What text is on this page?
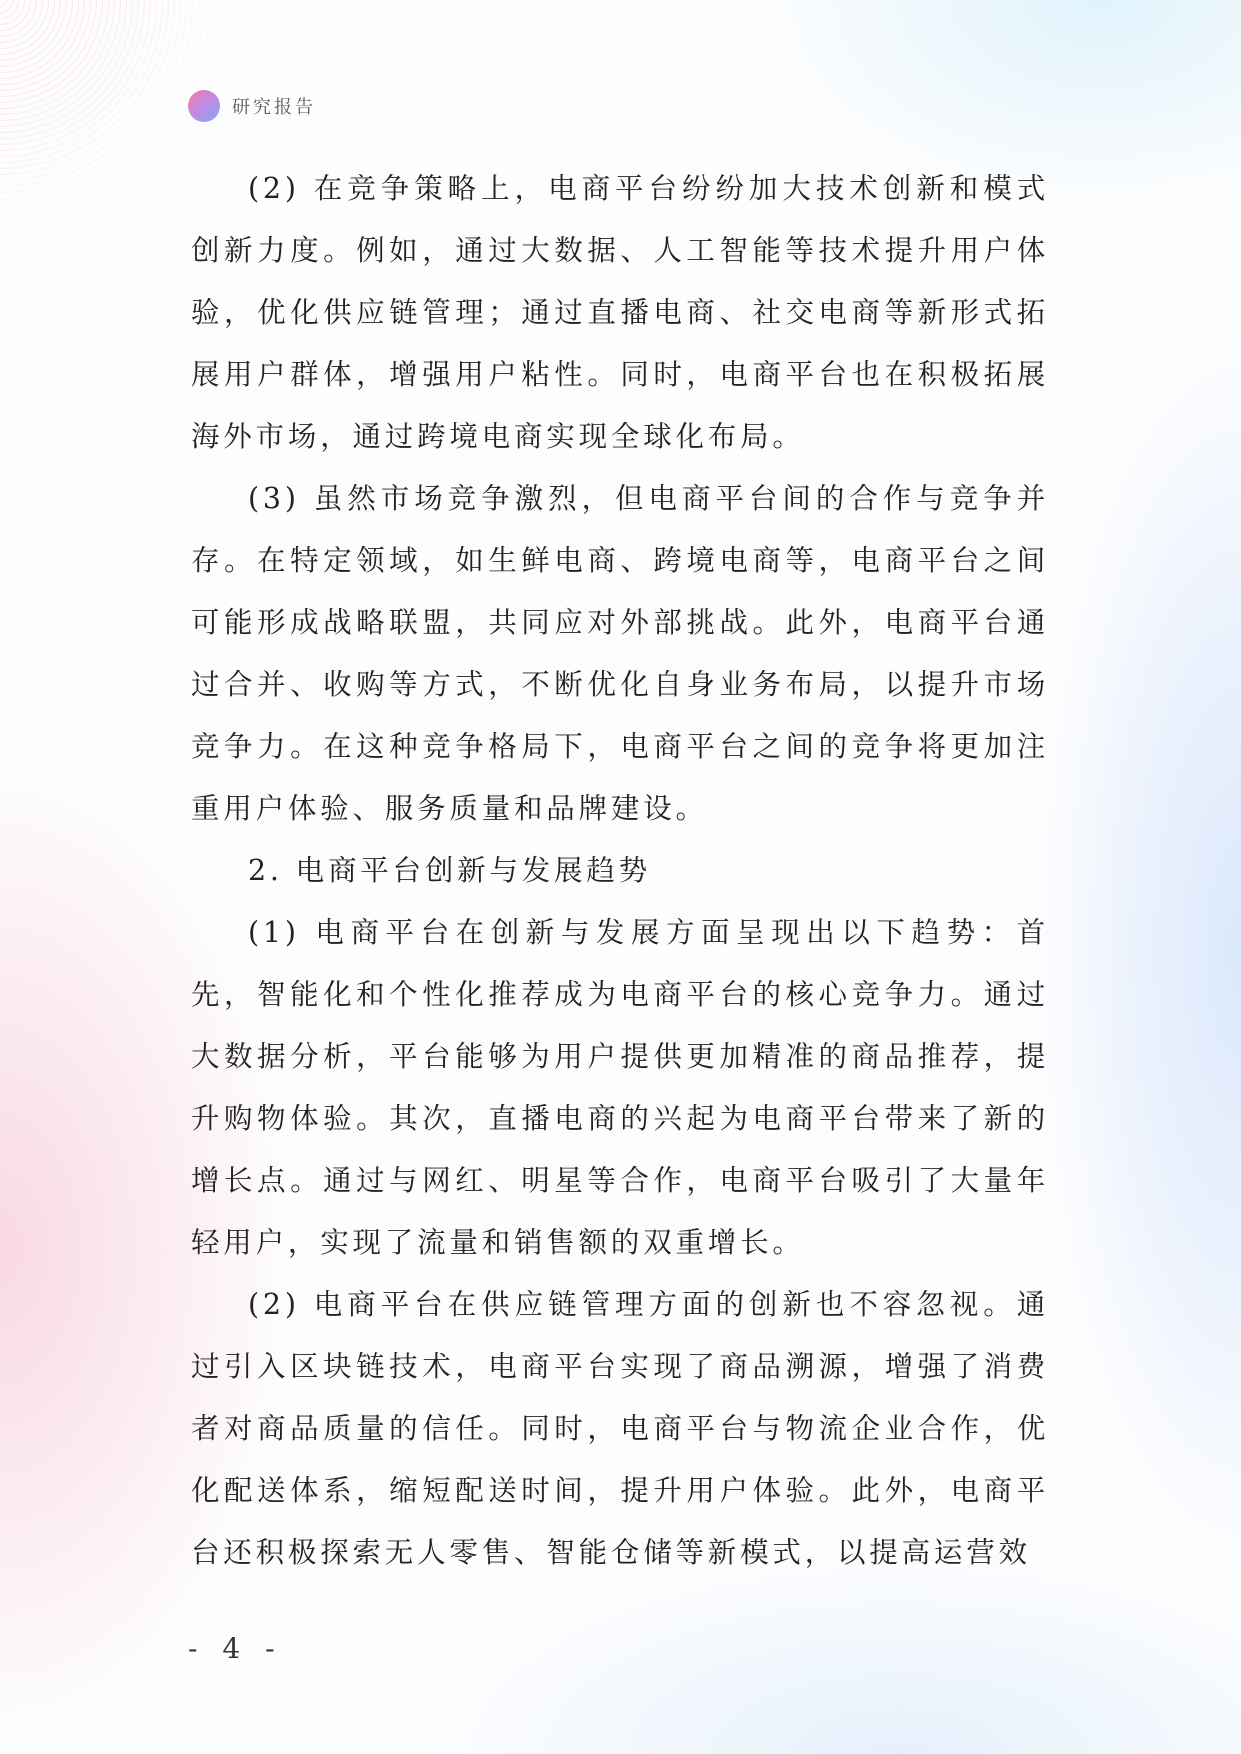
研究报告

(2) 在竞争策略上，电商平台纷纷加大技术创新和模式创新力度。例如，通过大数据、人工智能等技术提升用户体验，优化供应链管理；通过直播电商、社交电商等新形式拓展用户群体，增强用户粘性。同时，电商平台也在积极拓展海外市场，通过跨境电商实现全球化布局。

(3) 虽然市场竞争激烈，但电商平台间的合作与竞争并存。在特定领域，如生鲜电商、跨境电商等，电商平台之间可能形成战略联盟，共同应对外部挑战。此外，电商平台通过合并、收购等方式，不断优化自身业务布局，以提升市场竞争力。在这种竞争格局下，电商平台之间的竞争将更加注重用户体验、服务质量和品牌建设。

2. 电商平台创新与发展趋势

(1) 电商平台在创新与发展方面呈现出以下趋势：首先，智能化和个性化推荐成为电商平台的核心竞争力。通过大数据分析，平台能够为用户提供更加精准的商品推荐，提升购物体验。其次，直播电商的兴起为电商平台带来了新的增长点。通过与网红、明星等合作，电商平台吸引了大量年轻用户，实现了流量和销售额的双重增长。

(2) 电商平台在供应链管理方面的创新也不容忽视。通过引入区块链技术，电商平台实现了商品溯源，增强了消费者对商品质量的信任。同时，电商平台与物流企业合作，优化配送体系，缩短配送时间，提升用户体验。此外，电商平台还积极探索无人零售、智能仓储等新模式，以提高运营效

- 4 -
